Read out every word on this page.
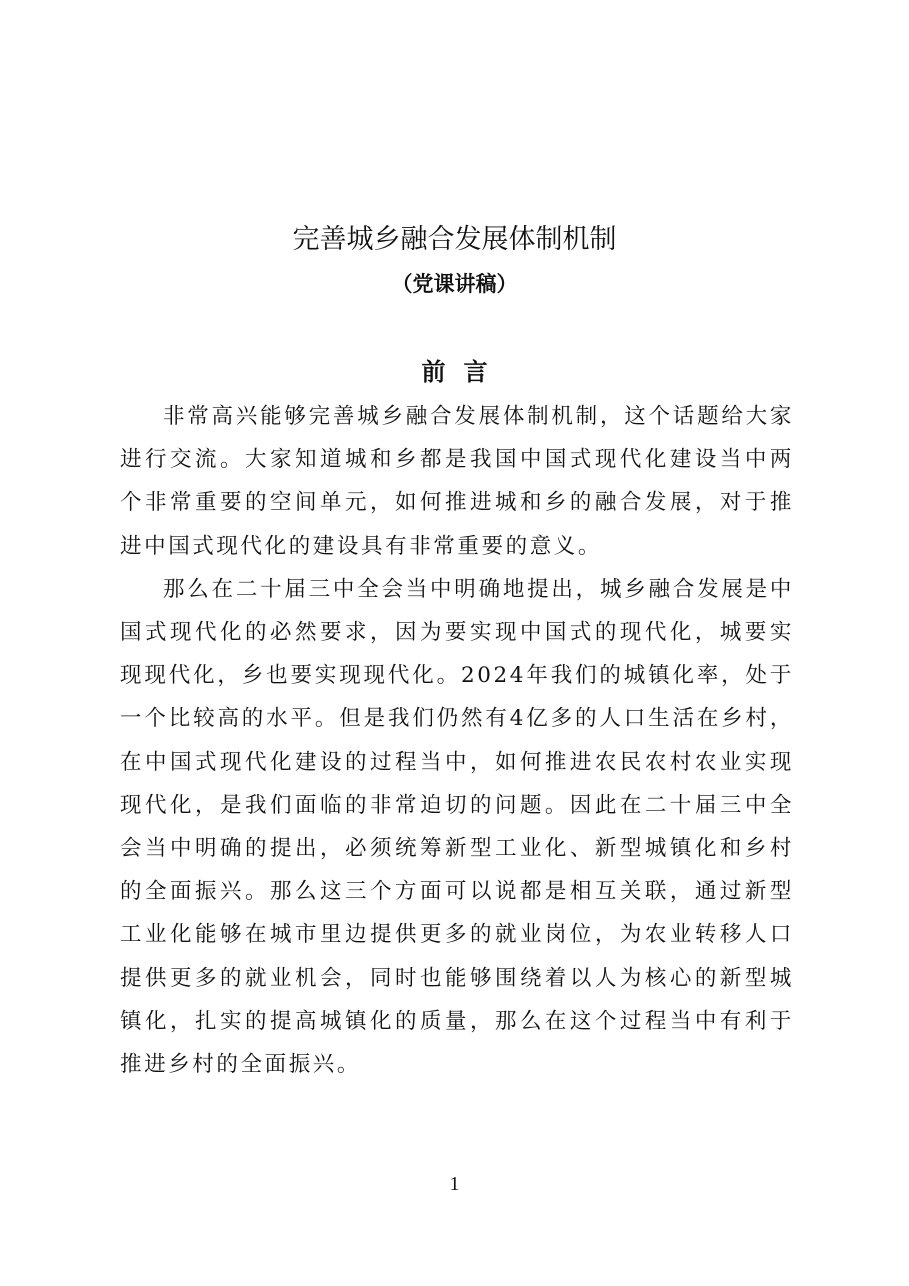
完善城乡融合发展体制机制
（党课讲稿）
前言

非常高兴能够完善城乡融合发展体制机制，这个话题给大家进行交流。大家知道城和乡都是我国中国式现代化建设当中两个非常重要的空间单元，如何推进城和乡的融合发展，对于推进中国式现代化的建设具有非常重要的意义。

那么在二十届三中全会当中明确地提出，城乡融合发展是中国式现代化的必然要求，因为要实现中国式的现代化，城要实现现代化，乡也要实现现代化。2024年我们的城镇化率，处于一个比较高的水平。但是我们仍然有4亿多的人口生活在乡村，在中国式现代化建设的过程当中，如何推进农民农村农业实现现代化，是我们面临的非常迫切的问题。因此在二十届三中全会当中明确的提出，必须统筹新型工业化、新型城镇化和乡村的全面振兴。那么这三个方面可以说都是相互关联，通过新型工业化能够在城市里边提供更多的就业岗位，为农业转移人口提供更多的就业机会，同时也能够围绕着以人为核心的新型城镇化，扎实的提高城镇化的质量，那么在这个过程当中有利于推进乡村的全面振兴。

1
